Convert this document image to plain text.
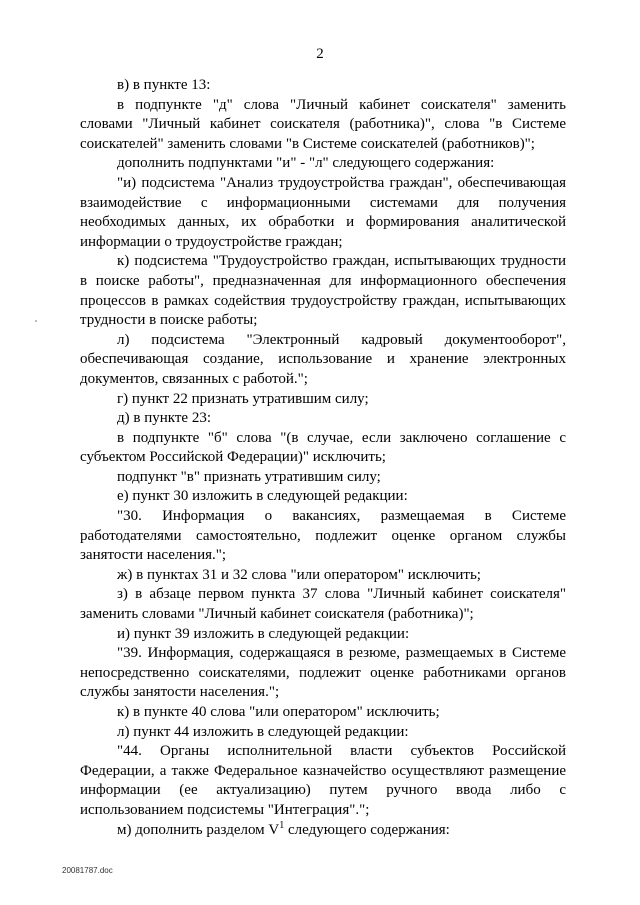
2

в) в пункте 13:

в подпункте "д" слова "Личный кабинет соискателя" заменить словами "Личный кабинет соискателя (работника)", слова "в Системе соискателей" заменить словами "в Системе соискателей (работников)";

дополнить подпунктами "и" - "л" следующего содержания:

"и) подсистема "Анализ трудоустройства граждан", обеспечивающая взаимодействие с информационными системами для получения необходимых данных, их обработки и формирования аналитической информации о трудоустройстве граждан;

к) подсистема "Трудоустройство граждан, испытывающих трудности в поиске работы", предназначенная для информационного обеспечения процессов в рамках содействия трудоустройству граждан, испытывающих трудности в поиске работы;

л) подсистема "Электронный кадровый документооборот", обеспечивающая создание, использование и хранение электронных документов, связанных с работой.";

г) пункт 22 признать утратившим силу;

д) в пункте 23:

в подпункте "б" слова "(в случае, если заключено соглашение с субъектом Российской Федерации)" исключить;

подпункт "в" признать утратившим силу;

е) пункт 30 изложить в следующей редакции:

"30. Информация о вакансиях, размещаемая в Системе работодателями самостоятельно, подлежит оценке органом службы занятости населения.";

ж) в пунктах 31 и 32 слова "или оператором" исключить;

з) в абзаце первом пункта 37 слова "Личный кабинет соискателя" заменить словами "Личный кабинет соискателя (работника)";

и) пункт 39 изложить в следующей редакции:

"39. Информация, содержащаяся в резюме, размещаемых в Системе непосредственно соискателями, подлежит оценке работниками органов службы занятости населения.";

к) в пункте 40 слова "или оператором" исключить;

л) пункт 44 изложить в следующей редакции:

"44. Органы исполнительной власти субъектов Российской Федерации, а также Федеральное казначейство осуществляют размещение информации (ее актуализацию) путем ручного ввода либо с использованием подсистемы "Интеграция".";

м) дополнить разделом $V^1$ следующего содержания:

20081787.doc
